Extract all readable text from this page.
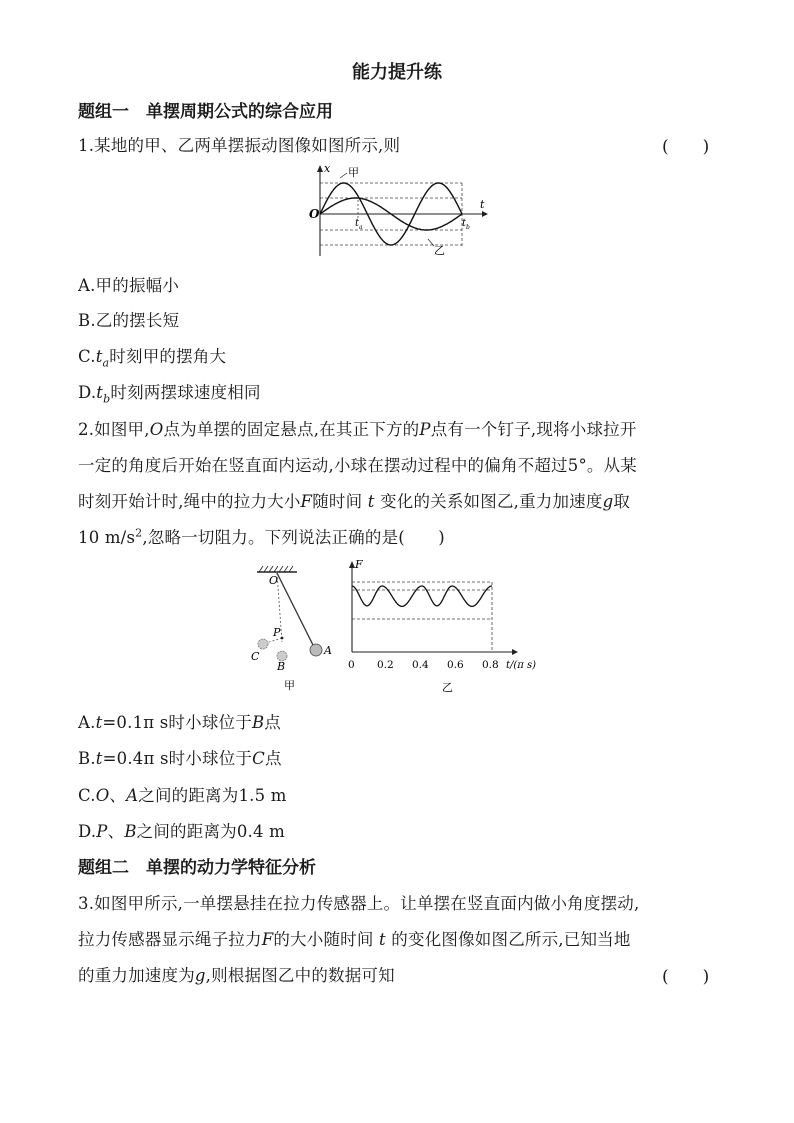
能力提升练
题组一　单摆周期公式的综合应用
1.某地的甲、乙两单摆振动图像如图所示,则	(　　)
O
x
t
甲
乙
t a	t b
A.甲的振幅小
B.乙的摆长短
$C.t_a$时刻甲的摆角大
$D.t_b$时刻两摆球速度相同
2.如图甲,O点为单摆的固定悬点,在其正下方的P点有一个钉子,现将小球拉开
一定的角度后开始在竖直面内运动,小球在摆动过程中的偏角不超过5°。从某
时刻开始计时,绳中的拉力大小F随时间 t 变化的关系如图乙,重力加速度g取
10 $m/s^2$,忽略一切阻力。下列说法正确的是(　　)
O
P
A
B
C
甲
F
0 0.2 0.4 0.6 0.8 t/(π s)
乙
A.t=0.1π s时小球位于B点
B.t=0.4π s时小球位于C点
C.O、A之间的距离为1.5 m
D.P、B之间的距离为0.4 m
题组二　单摆的动力学特征分析
3.如图甲所示,一单摆悬挂在拉力传感器上。让单摆在竖直面内做小角度摆动,
拉力传感器显示绳子拉力F的大小随时间 t 的变化图像如图乙所示,已知当地
的重力加速度为g,则根据图乙中的数据可知	(　　)
